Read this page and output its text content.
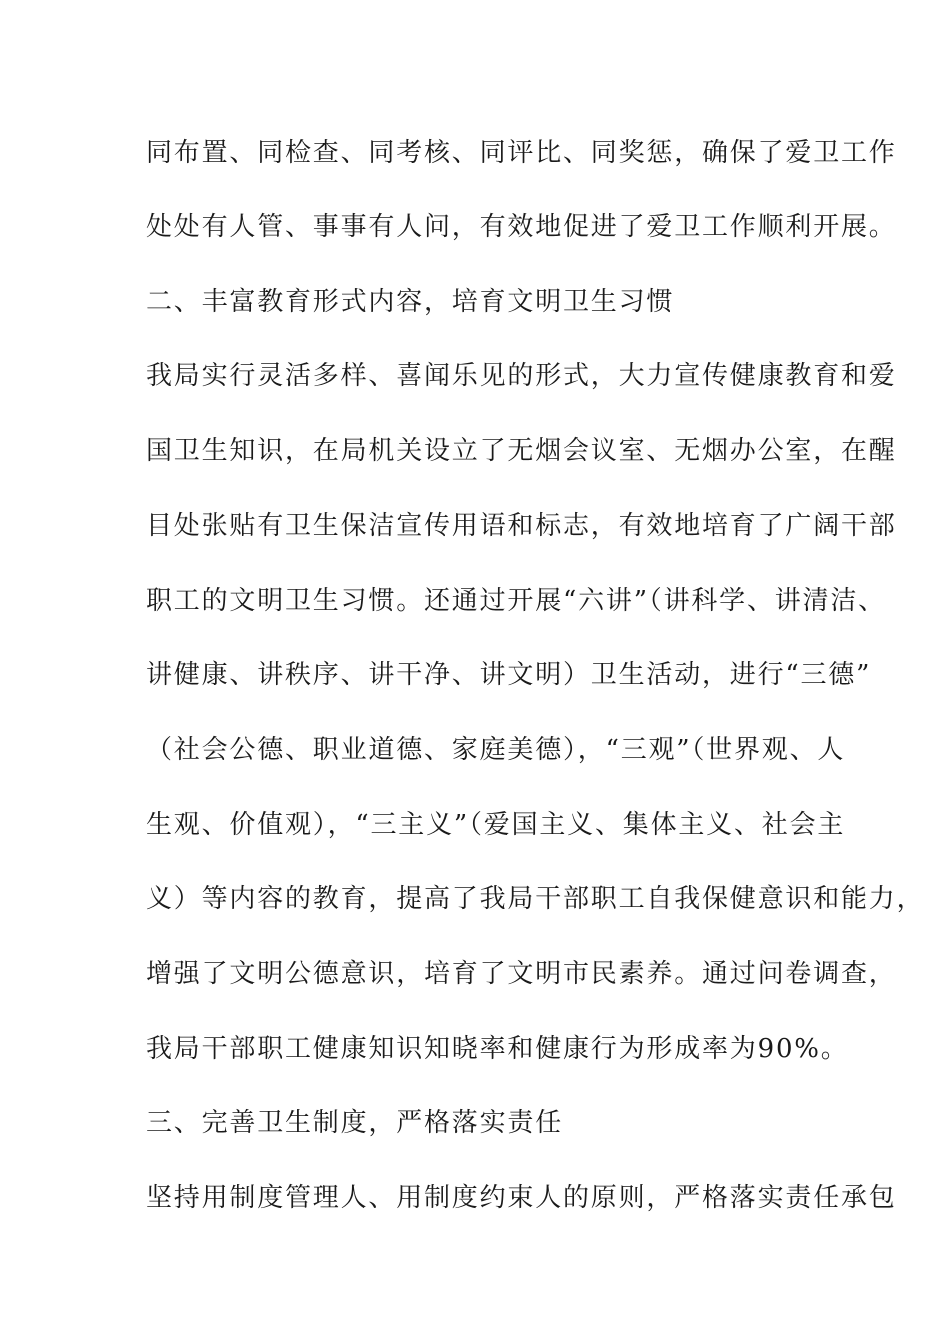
同布置、同检查、同考核、同评比、同奖惩，确保了爱卫工作
处处有人管、事事有人问，有效地促进了爱卫工作顺利开展。
二、丰富教育形式内容，培育文明卫生习惯
我局实行灵活多样、喜闻乐见的形式，大力宣传健康教育和爱
国卫生知识，在局机关设立了无烟会议室、无烟办公室，在醒
目处张贴有卫生保洁宣传用语和标志，有效地培育了广阔干部
职工的文明卫生习惯。还通过开展“六讲”（讲科学、讲清洁、
讲健康、讲秩序、讲干净、讲文明）卫生活动，进行“三德”
（社会公德、职业道德、家庭美德），“三观”（世界观、人
生观、价值观），“三主义”（爱国主义、集体主义、社会主
义）等内容的教育，提高了我局干部职工自我保健意识和能力，
增强了文明公德意识，培育了文明市民素养。通过问卷调查，
我局干部职工健康知识知晓率和健康行为形成率为90%。
三、完善卫生制度，严格落实责任
坚持用制度管理人、用制度约束人的原则，严格落实责任承包
